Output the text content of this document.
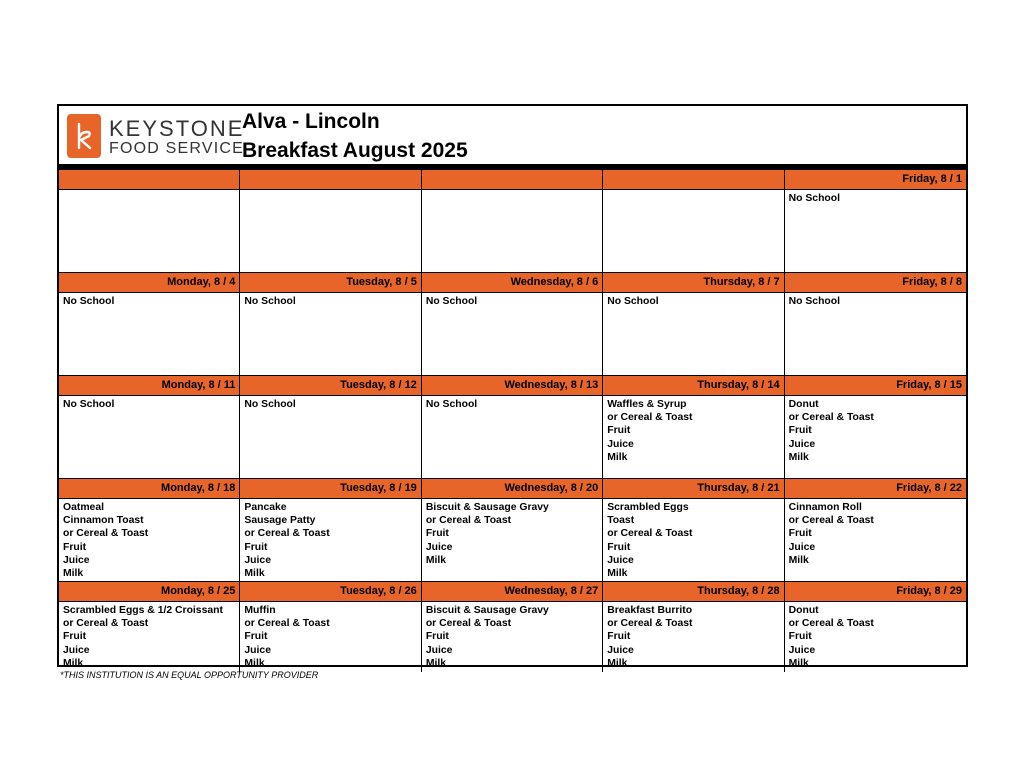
KEYSTONE
FOOD SERVICE
Alva - Lincoln
Breakfast August 2025
Friday, 8 / 1
No School
Monday, 8 / 4
No School
Tuesday, 8 / 5
No School
Wednesday, 8 / 6
No School
Thursday, 8 / 7
No School
Friday, 8 / 8
No School
Monday, 8 / 11
No School
Tuesday, 8 / 12
No School
Wednesday, 8 / 13
No School
Thursday, 8 / 14
Waffles & Syrup
or Cereal & Toast
Fruit
Juice
Milk
Friday, 8 / 15
Donut
or Cereal & Toast
Fruit
Juice
Milk
Monday, 8 / 18
Oatmeal
Cinnamon Toast
or Cereal & Toast
Fruit
Juice
Milk
Tuesday, 8 / 19
Pancake
Sausage Patty
or Cereal & Toast
Fruit
Juice
Milk
Wednesday, 8 / 20
Biscuit & Sausage Gravy
or Cereal & Toast
Fruit
Juice
Milk
Thursday, 8 / 21
Scrambled Eggs
Toast
or Cereal & Toast
Fruit
Juice
Milk
Friday, 8 / 22
Cinnamon Roll
or Cereal & Toast
Fruit
Juice
Milk
Monday, 8 / 25
Scrambled Eggs & 1/2 Croissant
or Cereal & Toast
Fruit
Juice
Milk
Tuesday, 8 / 26
Muffin
or Cereal & Toast
Fruit
Juice
Milk
Wednesday, 8 / 27
Biscuit & Sausage Gravy
or Cereal & Toast
Fruit
Juice
Milk
Thursday, 8 / 28
Breakfast Burrito
or Cereal & Toast
Fruit
Juice
Milk
Friday, 8 / 29
Donut
or Cereal & Toast
Fruit
Juice
Milk
*THIS INSTITUTION IS AN EQUAL OPPORTUNITY PROVIDER
